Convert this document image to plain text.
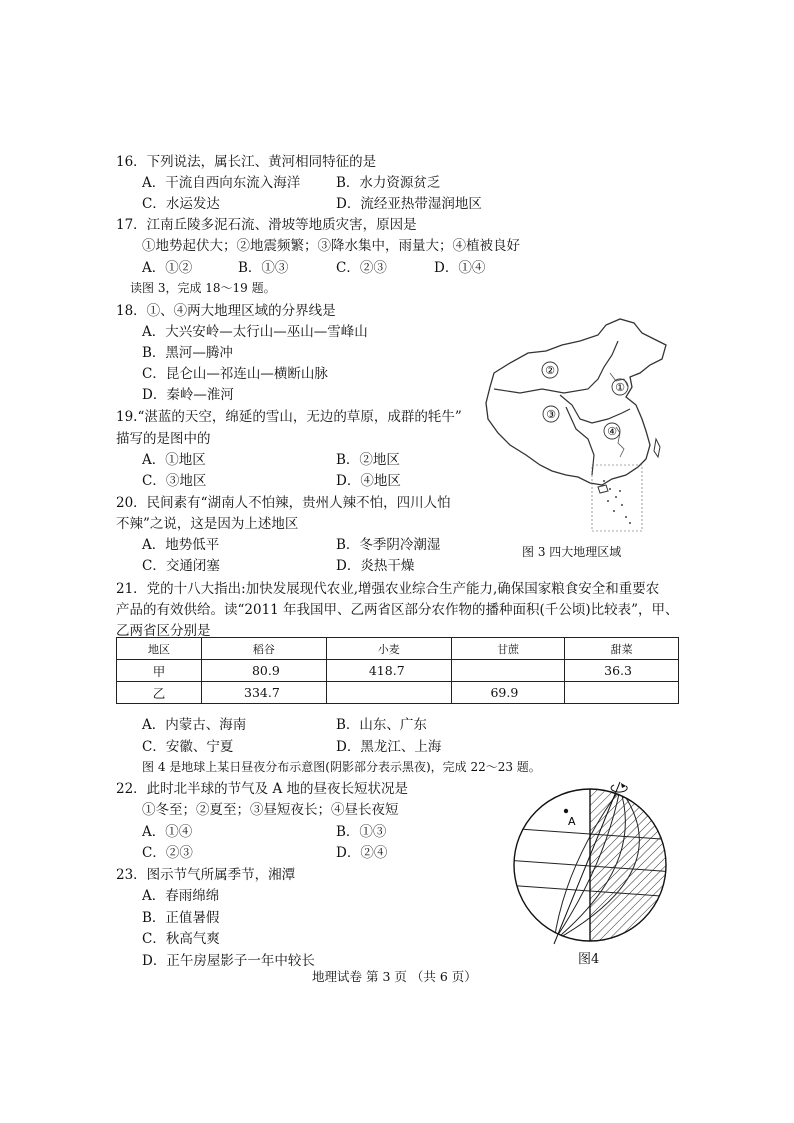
16．下列说法，属长江、黄河相同特征的是
A．干流自西向东流入海洋	B．水力资源贫乏
C．水运发达	D．流经亚热带湿润地区
17．江南丘陵多泥石流、滑坡等地质灾害，原因是
①地势起伏大；②地震频繁；③降水集中，雨量大；④植被良好
A．①②	B．①③	C．②③	D．①④
读图 3，完成 18～19 题。
18．①、④两大地理区域的分界线是
A．大兴安岭—太行山—巫山—雪峰山
B．黑河—腾冲
C．昆仑山—祁连山—横断山脉
D．秦岭—淮河
19.“湛蓝的天空，绵延的雪山，无边的草原，成群的牦牛”
描写的是图中的
A．①地区	B．②地区
C．③地区	D．④地区
20．民间素有“湖南人不怕辣，贵州人辣不怕，四川人怕
不辣”之说，这是因为上述地区
A．地势低平	B．冬季阴冷潮湿
C．交通闭塞	D．炎热干燥
②
①
③
④
图 3 四大地理区域
21．党的十八大指出:加快发展现代农业,增强农业综合生产能力,确保国家粮食安全和重要农
产品的有效供给。读“2011 年我国甲、乙两省区部分农作物的播种面积(千公顷)比较表”，甲、
乙两省区分别是
地区	稻谷	小麦	甘蔗	甜菜
甲	80.9	418.7		36.3
乙	334.7		69.9	
A．内蒙古、海南	B．山东、广东
C．安徽、宁夏	D．黑龙江、上海
图 4 是地球上某日昼夜分布示意图(阴影部分表示黑夜)，完成 22～23 题。
22．此时北半球的节气及 A 地的昼夜长短状况是
①冬至；②夏至；③昼短夜长；④昼长夜短
A．①④	B．①③
C．②③	D．②④
23．图示节气所属季节，湘潭
A．春雨绵绵
B．正值暑假
C．秋高气爽
D．正午房屋影子一年中较长
A
图4
地理试卷 第 3 页 （共 6 页）
